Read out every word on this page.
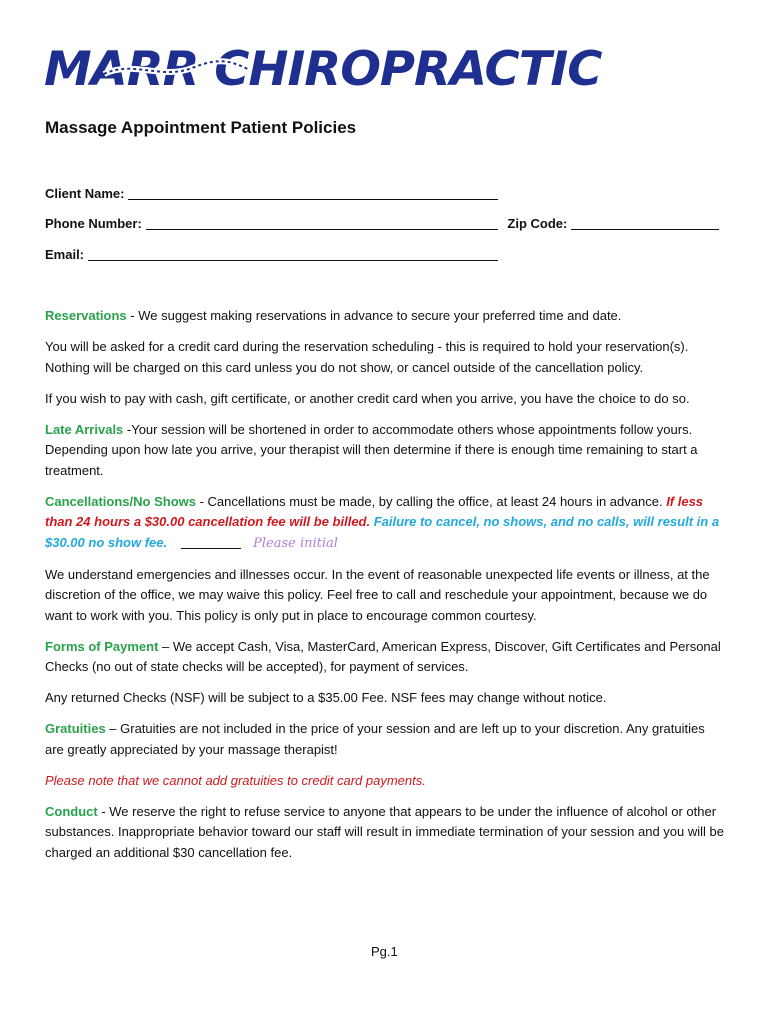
MARR CHIROPRACTIC
Massage Appointment Patient Policies
Client Name:
Phone Number:	Zip Code:
Email:

Reservations - We suggest making reservations in advance to secure your preferred time and date.

You will be asked for a credit card during the reservation scheduling - this is required to hold your reservation(s). Nothing will be charged on this card unless you do not show, or cancel outside of the cancellation policy.

If you wish to pay with cash, gift certificate, or another credit card when you arrive, you have the choice to do so.

Late Arrivals -Your session will be shortened in order to accommodate others whose appointments follow yours. Depending upon how late you arrive, your therapist will then determine if there is enough time remaining to start a treatment.

Cancellations/No Shows - Cancellations must be made, by calling the office, at least 24 hours in advance. If less than 24 hours a $30.00 cancellation fee will be billed. Failure to cancel, no shows, and no calls, will result in a $30.00 no show fee.	Please initial

We understand emergencies and illnesses occur. In the event of reasonable unexpected life events or illness, at the discretion of the office, we may waive this policy. Feel free to call and reschedule your appointment, because we do want to work with you. This policy is only put in place to encourage common courtesy.

Forms of Payment – We accept Cash, Visa, MasterCard, American Express, Discover, Gift Certificates and Personal Checks (no out of state checks will be accepted), for payment of services.

Any returned Checks (NSF) will be subject to a $35.00 Fee. NSF fees may change without notice.

Gratuities – Gratuities are not included in the price of your session and are left up to your discretion. Any gratuities are greatly appreciated by your massage therapist!

Please note that we cannot add gratuities to credit card payments.

Conduct - We reserve the right to refuse service to anyone that appears to be under the influence of alcohol or other substances. Inappropriate behavior toward our staff will result in immediate termination of your session and you will be charged an additional $30 cancellation fee.

Pg.1
